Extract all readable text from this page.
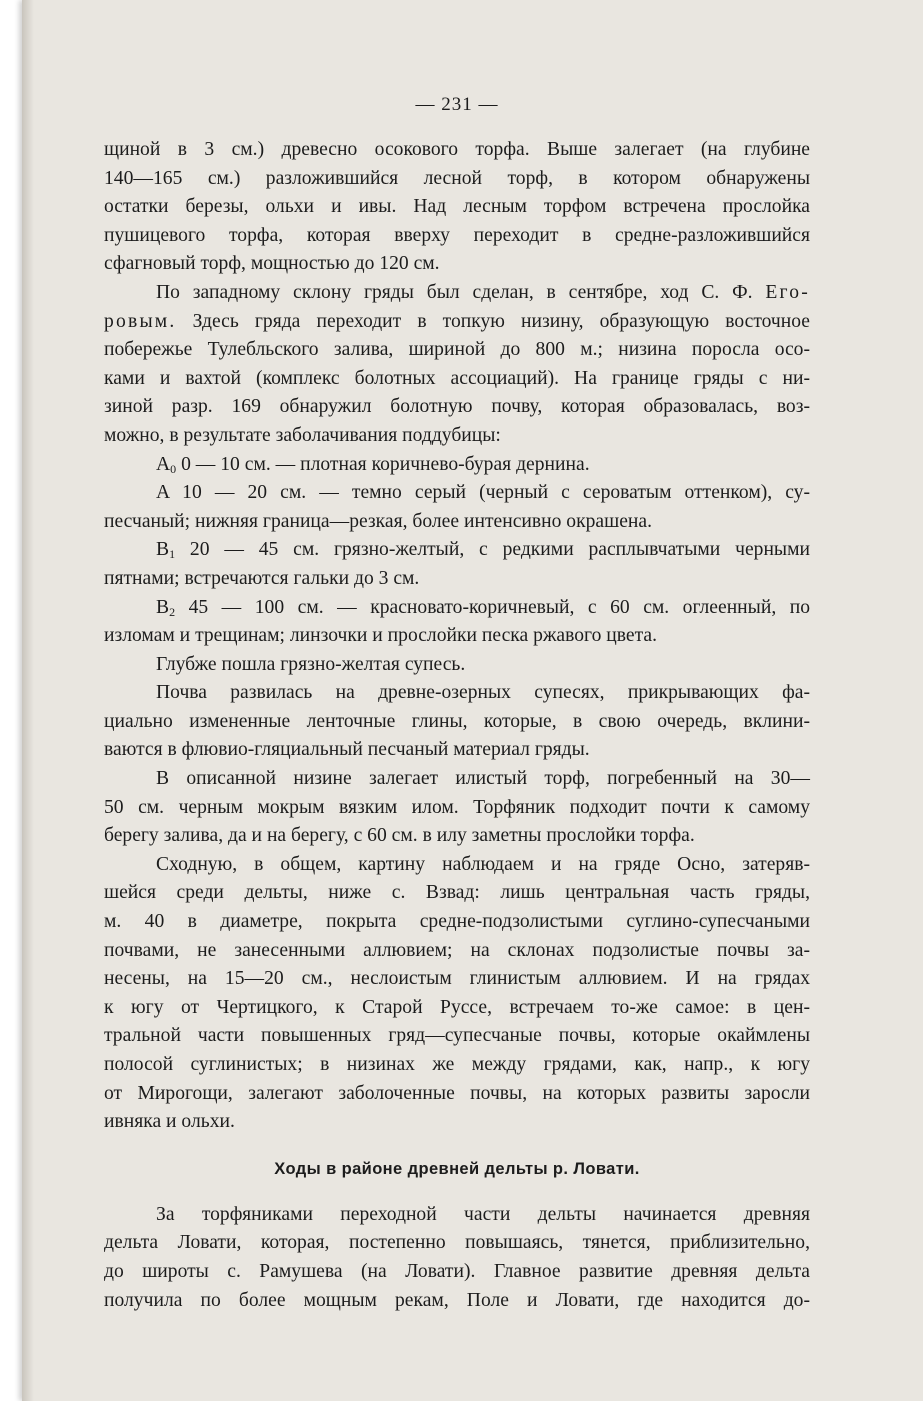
— 231 —
щиной в 3 см.) древесно осокового торфа. Выше залегает (на глубине
140—165 см.) разложившийся лесной торф, в котором обнаружены
остатки березы, ольхи и ивы. Над лесным торфом встречена прослойка
пушицевого торфа, которая вверху переходит в средне-разложившийся
сфагновый торф, мощностью до 120 см.
По западному склону гряды был сделан, в сентябре, ход С. Ф. Его-
ровым. Здесь гряда переходит в топкую низину, образующую восточное
побережье Тулебльского залива, шириной до 800 м.; низина поросла осо-
ками и вахтой (комплекс болотных ассоциаций). На границе гряды с ни-
зиной разр. 169 обнаружил болотную почву, которая образовалась, воз-
можно, в результате заболачивания поддубицы:
$A_0$ 0 — 10 см. — плотная коричнево-бурая дернина.
A 10 — 20 см. — темно серый (черный с сероватым оттенком), су-
песчаный; нижняя граница—резкая, более интенсивно окрашена.
$B_1$ 20 — 45 см. грязно-желтый, с редкими расплывчатыми черными
пятнами; встречаются гальки до 3 см.
$B_2$ 45 — 100 см. — красновато-коричневый, с 60 см. оглеенный, по
изломам и трещинам; линзочки и прослойки песка ржавого цвета.
Глубже пошла грязно-желтая супесь.
Почва развилась на древне-озерных супесях, прикрывающих фа-
циально измененные ленточные глины, которые, в свою очередь, вклини-
ваются в флювио-гляциальный песчаный материал гряды.
В описанной низине залегает илистый торф, погребенный на 30—
50 см. черным мокрым вязким илом. Торфяник подходит почти к самому
берегу залива, да и на берегу, с 60 см. в илу заметны прослойки торфа.
Сходную, в общем, картину наблюдаем и на гряде Осно, затеряв-
шейся среди дельты, ниже с. Взвад: лишь центральная часть гряды,
м. 40 в диаметре, покрыта средне-подзолистыми суглино-супесчаными
почвами, не занесенными аллювием; на склонах подзолистые почвы за-
несены, на 15—20 см., неслоистым глинистым аллювием. И на грядах
к югу от Чертицкого, к Старой Руссе, встречаем то-же самое: в цен-
тральной части повышенных гряд—супесчаные почвы, которые окаймлены
полосой суглинистых; в низинах же между грядами, как, напр., к югу
от Мирогощи, залегают заболоченные почвы, на которых развиты заросли
ивняка и ольхи.
Ходы в районе древней дельты р. Ловати.
За торфяниками переходной части дельты начинается древняя
дельта Ловати, которая, постепенно повышаясь, тянется, приблизительно,
до широты с. Рамушева (на Ловати). Главное развитие древняя дельта
получила по более мощным рекам, Поле и Ловати, где находится до-
